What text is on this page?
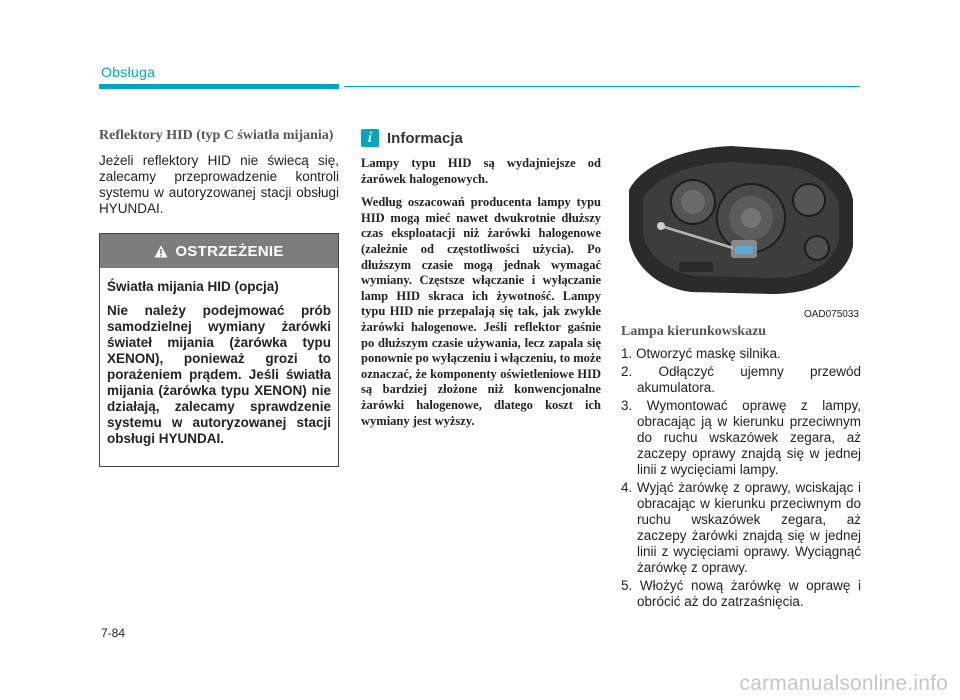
Obsługa
Reflektory HID (typ C światła mijania)
Jeżeli reflektory HID nie świecą się, zalecamy przeprowadzenie kontroli systemu w autoryzowanej stacji obsługi HYUNDAI.
OSTRZEŻENIE
Światła mijania HID (opcja)
Nie należy podejmować prób samodzielnej wymiany żarówki świateł mijania (żarówka typu XENON), ponieważ grozi to porażeniem prądem. Jeśli światła mijania (żarówka typu XENON) nie działają, zalecamy sprawdzenie systemu w autoryzowanej stacji obsługi HYUNDAI.
i Informacja
Lampy typu HID są wydajniejsze od żarówek halogenowych.
Według oszacowań producenta lampy typu HID mogą mieć nawet dwukrotnie dłuższy czas eksploatacji niż żarówki halogenowe (zależnie od częstotliwości użycia). Po dłuższym czasie mogą jednak wymagać wymiany. Częstsze włączanie i wyłączanie lamp HID skraca ich żywotność. Lampy typu HID nie przepalają się tak, jak zwykłe żarówki halogenowe. Jeśli reflektor gaśnie po dłuższym czasie używania, lecz zapala się ponownie po wyłączeniu i włączeniu, to może oznaczać, że komponenty oświetleniowe HID są bardziej złożone niż konwencjonalne żarówki halogenowe, dlatego koszt ich wymiany jest wyższy.
OAD075033
Lampa kierunkowskazu
1. Otworzyć maskę silnika.
2. Odłączyć ujemny przewód akumulatora.
3. Wymontować oprawę z lampy, obracając ją w kierunku przeciwnym do ruchu wskazówek zegara, aż zaczepy oprawy znajdą się w jednej linii z wycięciami lampy.
4. Wyjąć żarówkę z oprawy, wciskając i obracając w kierunku przeciwnym do ruchu wskazówek zegara, aż zaczepy żarówki znajdą się w jednej linii z wycięciami oprawy. Wyciągnąć żarówkę z oprawy.
5. Włożyć nową żarówkę w oprawę i obrócić aż do zatrzaśnięcia.
7-84
carmanualsonline.info
